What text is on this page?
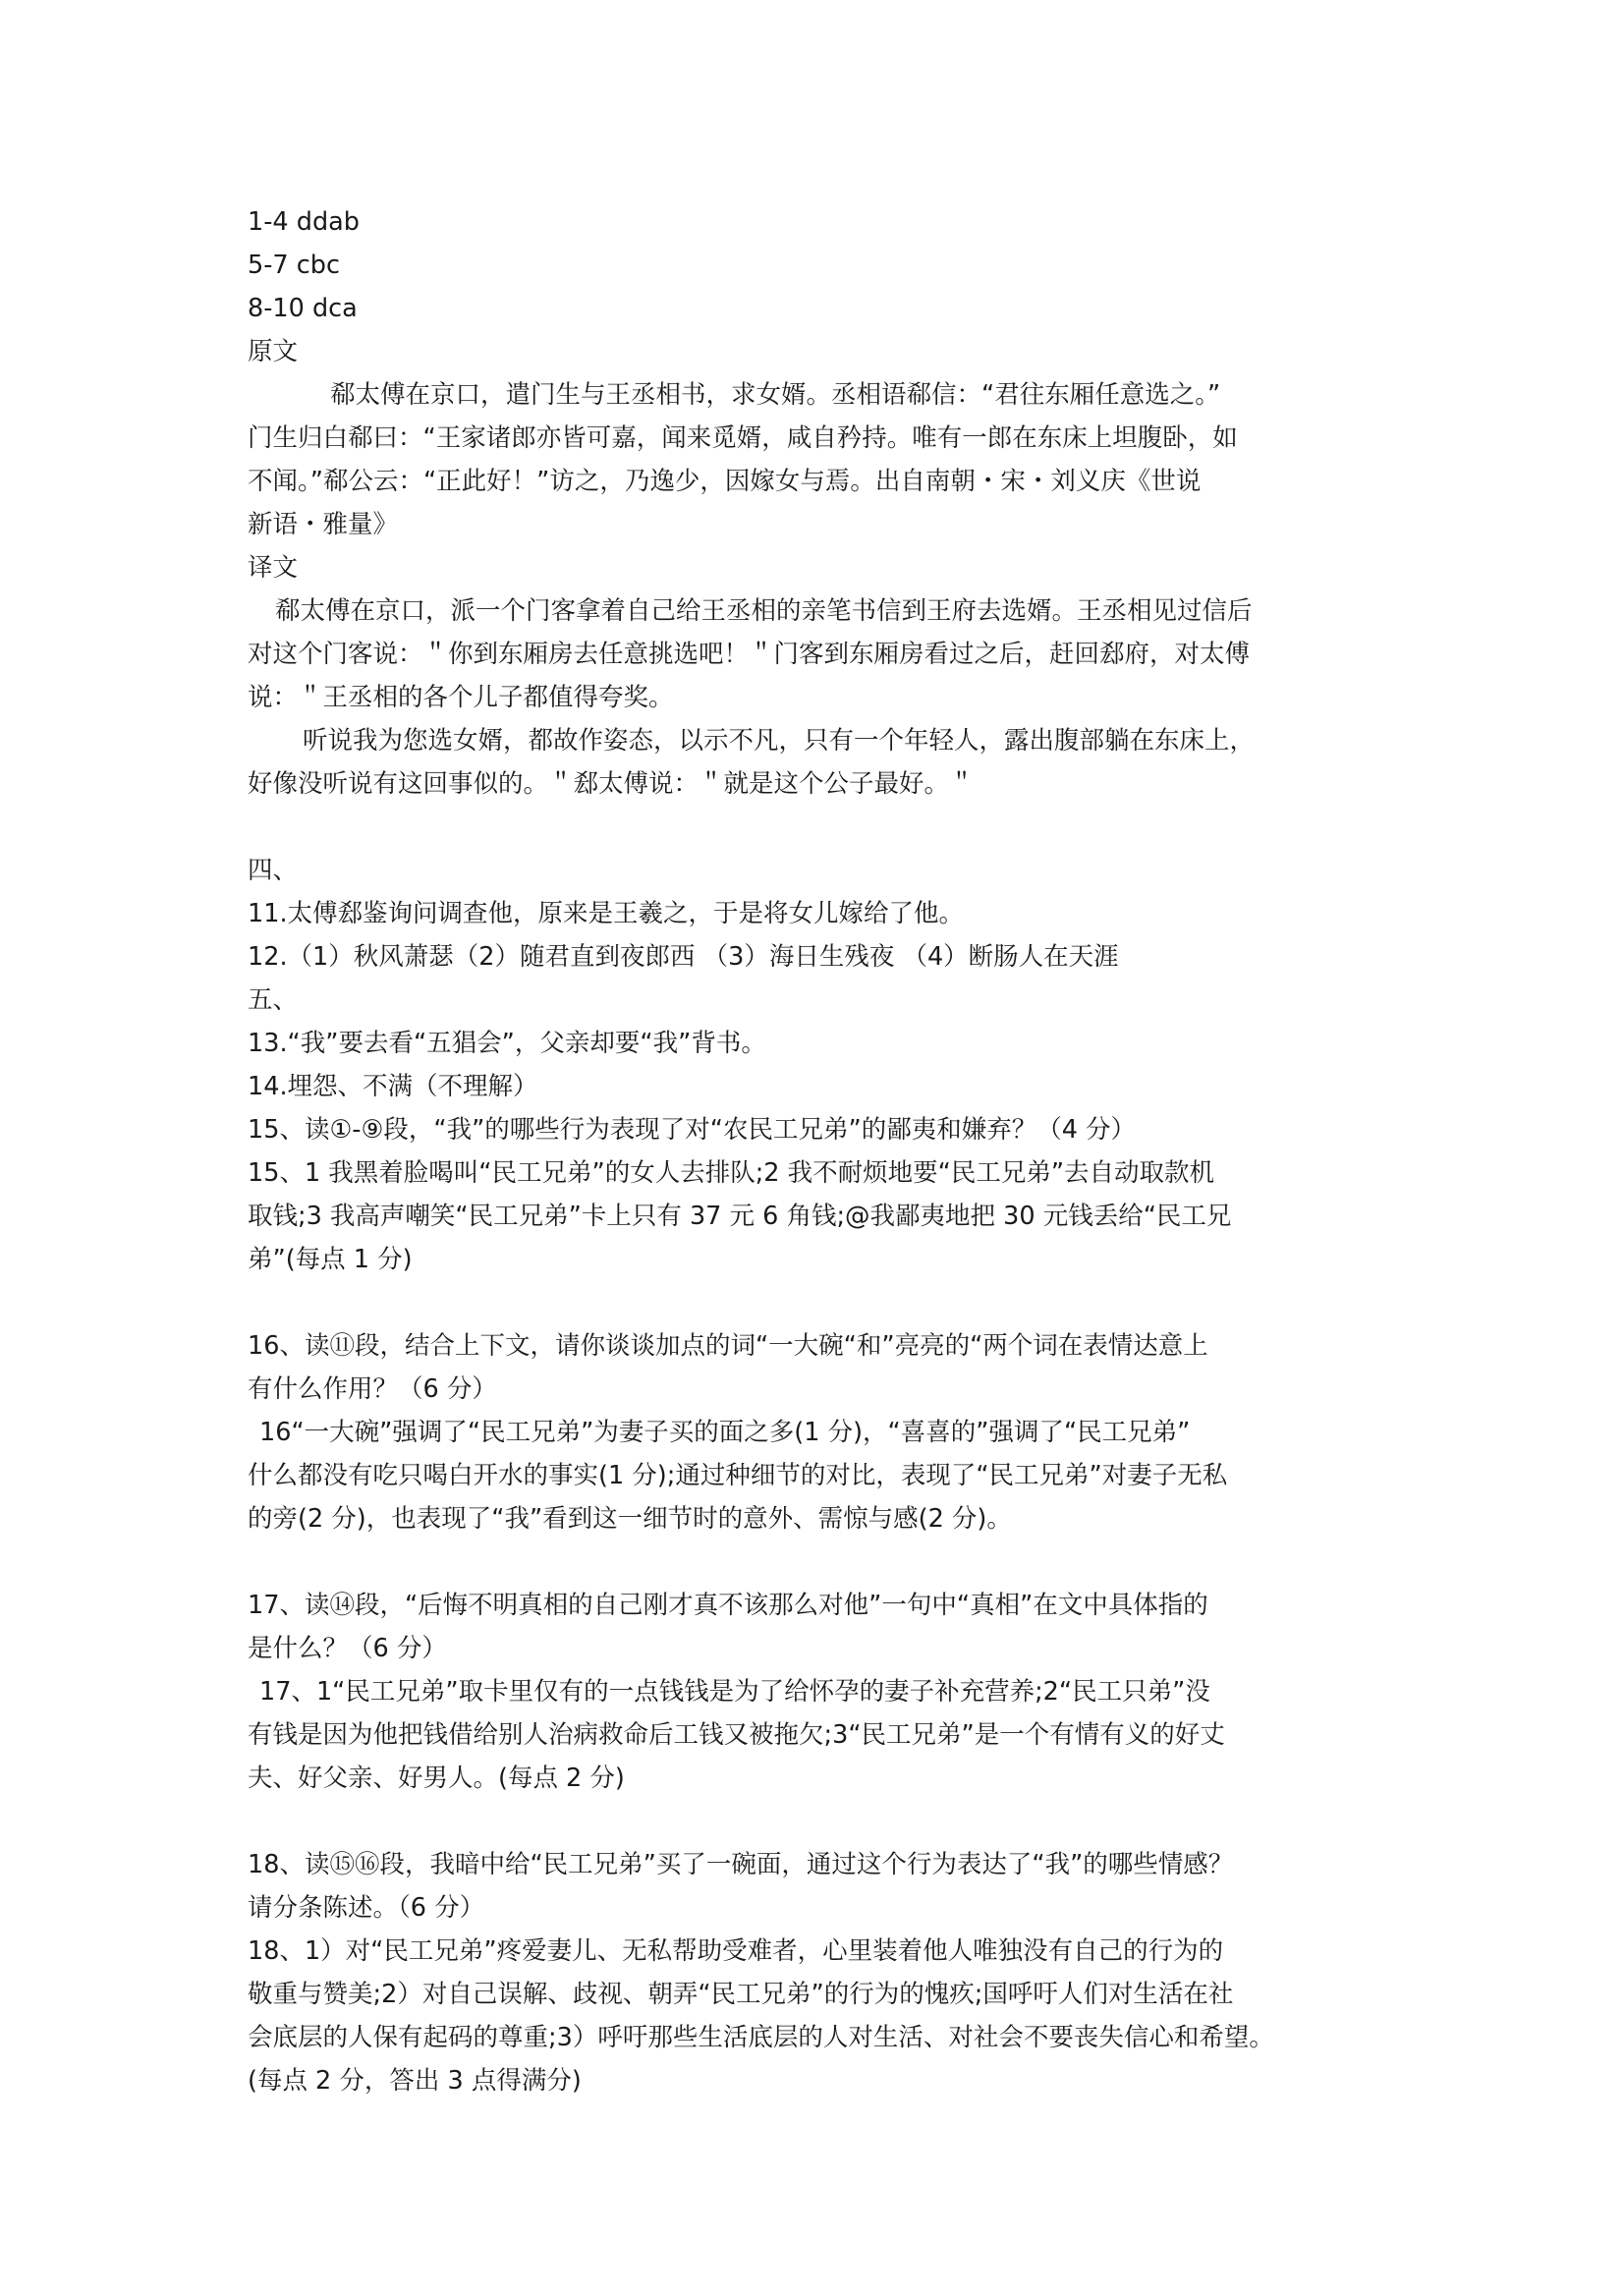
1-4 ddab
5-7 cbc
8-10 dca
原文
郗太傅在京口，遣门生与王丞相书，求女婿。丞相语郗信：“君往东厢任意选之。”
门生归白郗曰：“王家诸郎亦皆可嘉，闻来觅婿，咸自矜持。唯有一郎在东床上坦腹卧，如
不闻。”郗公云：“正此好！”访之，乃逸少，因嫁女与焉。出自南朝・宋・刘义庆《世说
新语・雅量》
译文
郗太傅在京口，派一个门客拿着自己给王丞相的亲笔书信到王府去选婿。王丞相见过信后
对这个门客说：＂你到东厢房去任意挑选吧！＂门客到东厢房看过之后，赶回郄府，对太傅
说：＂王丞相的各个儿子都值得夸奖。
听说我为您选女婿，都故作姿态，以示不凡，只有一个年轻人，露出腹部躺在东床上，
好像没听说有这回事似的。＂郄太傅说：＂就是这个公子最好。＂
四、
11.太傅郄鉴询问调查他，原来是王羲之，于是将女儿嫁给了他。
12.（1）秋风萧瑟（2）随君直到夜郎西 （3）海日生残夜 （4）断肠人在天涯
五、
13.“我”要去看“五猖会”，父亲却要“我”背书。
14.埋怨、不满（不理解）
15、读①-⑨段，“我”的哪些行为表现了对“农民工兄弟”的鄙夷和嫌弃？（4 分）
15、1 我黑着脸喝叫“民工兄弟”的女人去排队;2 我不耐烦地要“民工兄弟”去自动取款机
取钱;3 我高声嘲笑“民工兄弟”卡上只有 37 元 6 角钱;@我鄙夷地把 30 元钱丢给“民工兄
弟”(每点 1 分)
16、读⑪段，结合上下文，请你谈谈加点的词“一大碗“和”亮亮的“两个词在表情达意上
有什么作用？（6 分）
16“一大碗”强调了“民工兄弟”为妻子买的面之多(1 分)，“喜喜的”强调了“民工兄弟”
什么都没有吃只喝白开水的事实(1 分);通过种细节的对比，表现了“民工兄弟”对妻子无私
的旁(2 分)，也表现了“我”看到这一细节时的意外、需惊与感(2 分)。
17、读⑭段，“后悔不明真相的自己刚才真不该那么对他”一句中“真相”在文中具体指的
是什么？（6 分）
17、1“民工兄弟”取卡里仅有的一点钱钱是为了给怀孕的妻子补充营养;2“民工只弟”没
有钱是因为他把钱借给别人治病救命后工钱又被拖欠;3“民工兄弟”是一个有情有义的好丈
夫、好父亲、好男人。(每点 2 分)
18、读⑮⑯段，我暗中给“民工兄弟”买了一碗面，通过这个行为表达了“我”的哪些情感？
请分条陈述。（6 分）
18、1）对“民工兄弟”疼爱妻儿、无私帮助受难者，心里装着他人唯独没有自己的行为的
敬重与赞美;2）对自己误解、歧视、朝弄“民工兄弟”的行为的愧疚;国呼吁人们对生活在社
会底层的人保有起码的尊重;3）呼吁那些生活底层的人对生活、对社会不要丧失信心和希望。
(每点 2 分，答出 3 点得满分)
